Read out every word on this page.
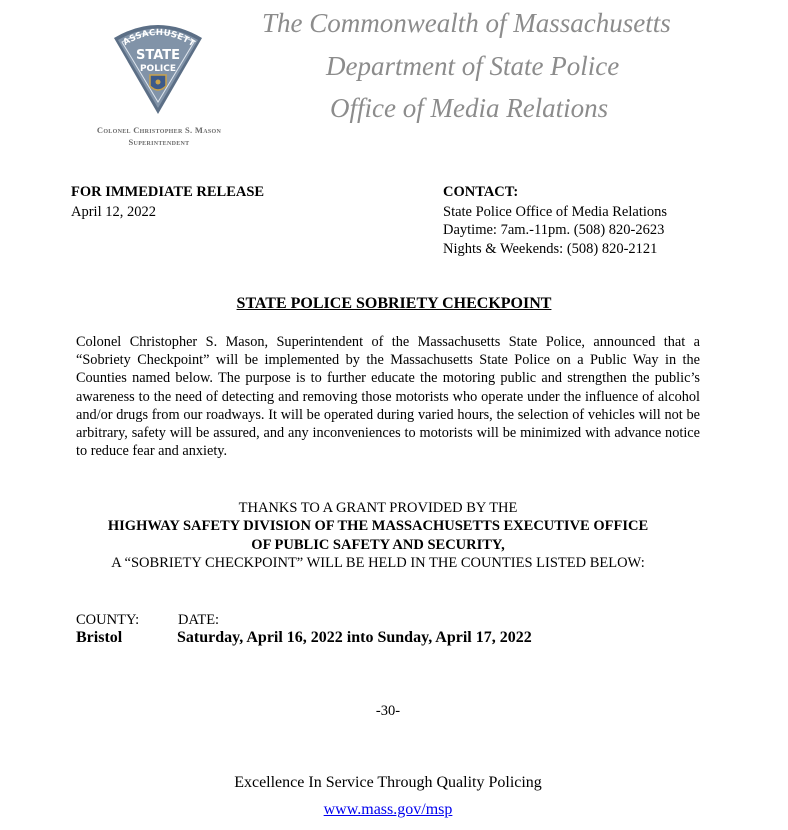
ASSACHUSETT
STATE
POLICE
Colonel Christopher S. Mason
Superintendent
The Commonwealth of Massachusetts
Department of State Police
Office of Media Relations
FOR IMMEDIATE RELEASE
April 12, 2022
CONTACT:
State Police Office of Media Relations
Daytime: 7am.-11pm. (508) 820-2623
Nights & Weekends: (508) 820-2121
STATE POLICE SOBRIETY CHECKPOINT
Colonel Christopher S. Mason, Superintendent of the Massachusetts State Police, announced that a “Sobriety Checkpoint” will be implemented by the Massachusetts State Police on a Public Way in the Counties named below. The purpose is to further educate the motoring public and strengthen the public’s awareness to the need of detecting and removing those motorists who operate under the influence of alcohol and/or drugs from our roadways. It will be operated during varied hours, the selection of vehicles will not be arbitrary, safety will be assured, and any inconveniences to motorists will be minimized with advance notice to reduce fear and anxiety.
THANKS TO A GRANT PROVIDED BY THE
HIGHWAY SAFETY DIVISION OF THE MASSACHUSETTS EXECUTIVE OFFICE
OF PUBLIC SAFETY AND SECURITY,
A “SOBRIETY CHECKPOINT” WILL BE HELD IN THE COUNTIES LISTED BELOW:
COUNTY:	DATE:
Bristol	Saturday, April 16, 2022 into Sunday, April 17, 2022
-30-
Excellence In Service Through Quality Policing
www.mass.gov/msp
